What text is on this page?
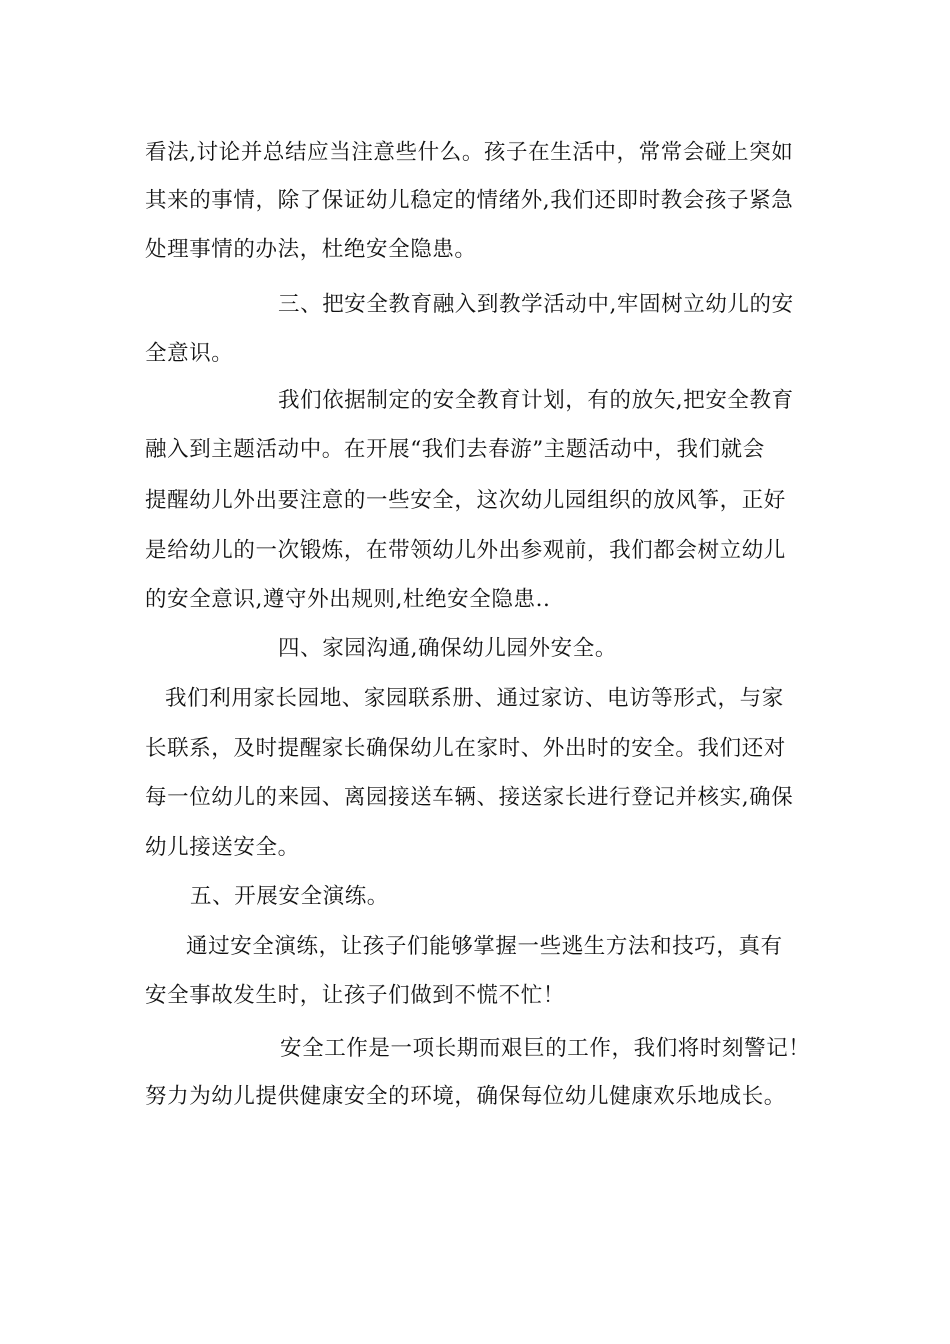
看法,讨论并总结应当注意些什么。孩子在生活中，常常会碰上突如
其来的事情，除了保证幼儿稳定的情绪外,我们还即时教会孩子紧急
处理事情的办法，杜绝安全隐患。
三、把安全教育融入到教学活动中,牢固树立幼儿的安
全意识。
我们依据制定的安全教育计划，有的放矢,把安全教育
融入到主题活动中。在开展“我们去春游”主题活动中，我们就会
提醒幼儿外出要注意的一些安全，这次幼儿园组织的放风筝，正好
是给幼儿的一次锻炼，在带领幼儿外出参观前，我们都会树立幼儿
的安全意识,遵守外出规则,杜绝安全隐患..
四、家园沟通,确保幼儿园外安全。
我们利用家长园地、家园联系册、通过家访、电访等形式，与家
长联系，及时提醒家长确保幼儿在家时、外出时的安全。我们还对
每一位幼儿的来园、离园接送车辆、接送家长进行登记并核实,确保
幼儿接送安全。
五、开展安全演练。
通过安全演练，让孩子们能够掌握一些逃生方法和技巧，真有
安全事故发生时，让孩子们做到不慌不忙！
安全工作是一项长期而艰巨的工作，我们将时刻警记！
努力为幼儿提供健康安全的环境，确保每位幼儿健康欢乐地成长。
